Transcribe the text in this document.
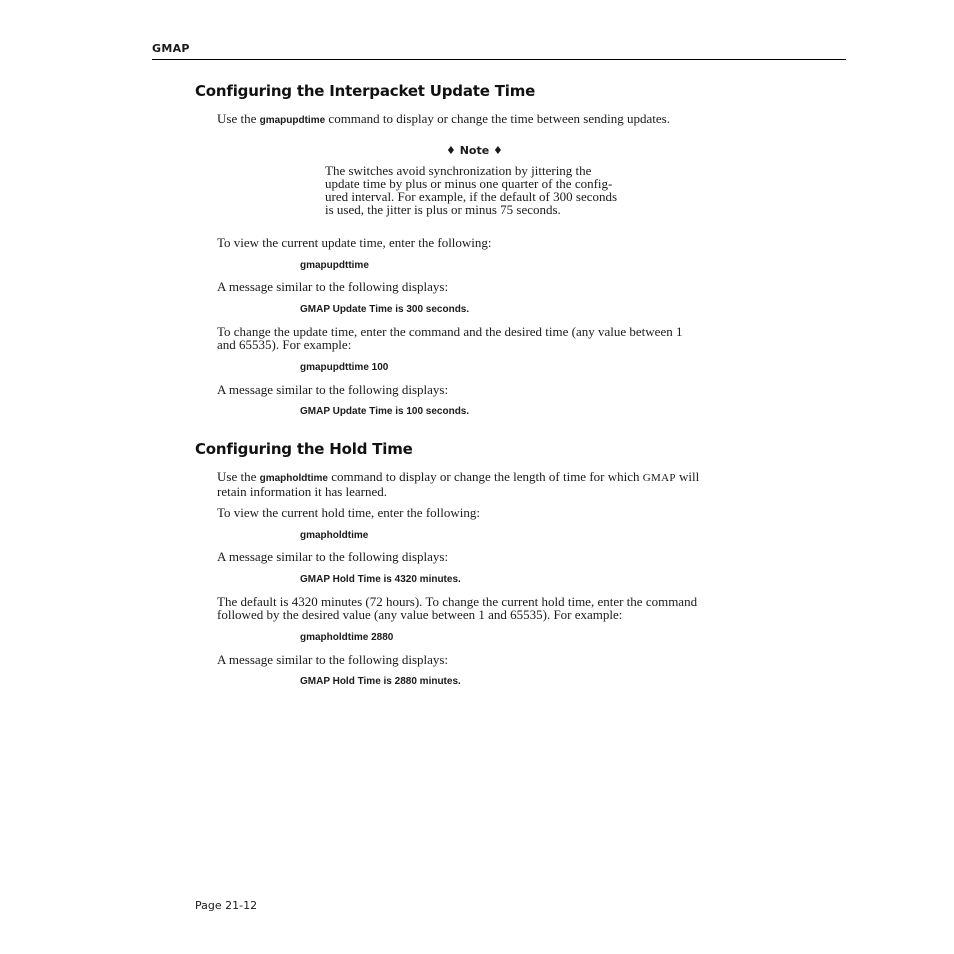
GMAP
Configuring the Interpacket Update Time
Use the gmapupdtime command to display or change the time between sending updates.
♦ Note ♦
The switches avoid synchronization by jittering the
update time by plus or minus one quarter of the config-
ured interval. For example, if the default of 300 seconds
is used, the jitter is plus or minus 75 seconds.
To view the current update time, enter the following:
gmapupdttime
A message similar to the following displays:
GMAP Update Time is 300 seconds.
To change the update time, enter the command and the desired time (any value between 1
and 65535). For example:
gmapupdttime 100
A message similar to the following displays:
GMAP Update Time is 100 seconds.
Configuring the Hold Time
Use the gmapholdtime command to display or change the length of time for which GMAP will
retain information it has learned.
To view the current hold time, enter the following:
gmapholdtime
A message similar to the following displays:
GMAP Hold Time is 4320 minutes.
The default is 4320 minutes (72 hours). To change the current hold time, enter the command
followed by the desired value (any value between 1 and 65535). For example:
gmapholdtime 2880
A message similar to the following displays:
GMAP Hold Time is 2880 minutes.
Page 21-12
